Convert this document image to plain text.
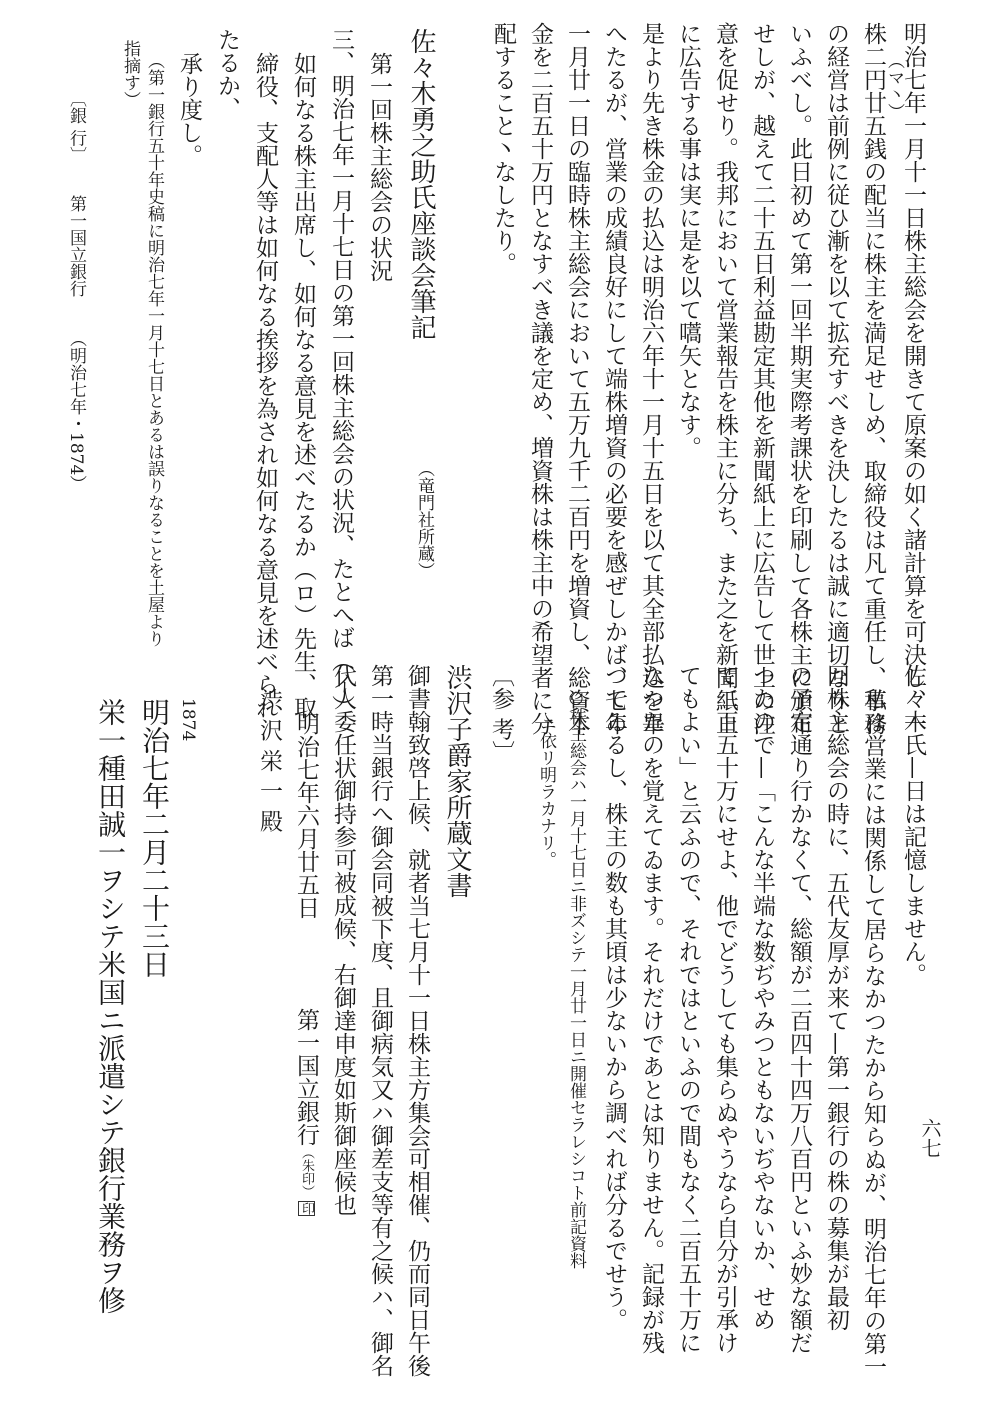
明治七年一月十一日株主総会を開きて原案の如く諸計算を可決し、一
（マ丶）
株二円廿五銭の配当に株主を満足せしめ、取締役は凡て重任し、事務
の経営は前例に従ひ漸を以て拡充すべきを決したるは誠に適切なりと
いふべし。此日初めて第一回半期実際考課状を印刷して各株主に頒布
せしが、越えて二十五日利益勘定其他を新聞紙上に広告して世上の注
意を促せり。我邦において営業報告を株主に分ち、また之を新聞紙上
に広告する事は実に是を以て嚆矢となす。
是より先き株金の払込は明治六年十一月十五日を以て其全部払込を畢
へたるが、営業の成績良好にして端株増資の必要を感ぜしかば、七年
一月廿一日の臨時株主総会において五万九千二百円を増資し、総資本
金を二百五十万円となすべき議を定め、増資株は株主中の希望者に分
配すること丶なしたり。
（竜門社所蔵）
佐々木勇之助氏座談会筆記
第一回株主総会の状況
三、明治七年一月十七日の第一回株主総会の状況、たとへば（イ）
如何なる株主出席し、如何なる意見を述べたるか（ロ）先生、取
締役、支配人等は如何なる挨拶を為され如何なる意見を述べられ
たるか、
承り度し。
（第一銀行五十年史稿に明治七年一月十七日とあるは誤りなることを土屋より
指摘す）
〔銀 行〕
第一国立銀行
（明治七年・1874）
佐々木氏—日は記憶しません。
私は営業には関係して居らなかつたから知らぬが、明治七年の第一
回株主総会の時に、五代友厚が来て—第一銀行の株の募集が最初
の予定通り行かなくて、総額が二百四十四万八百円といふ妙な額だ
つたので—「こんな半端な数ぢやみつともないぢやないか、せめ
て二百五十万にせよ、他でどうしても集らぬやうなら自分が引承け
てもよい」と云ふので、それではといふので間もなく二百五十万に
なつたのを覚えてゐます。それだけであとは知りません。記録が残
つてゐるし、株主の数も其頃は少ないから調べれば分るでせう。
○株主総会ハ一月十七日ニ非ズシテ一月廿一日ニ開催セラレシコト前記資料
ニ依リ明ラカナリ。
〔参 考〕
渋沢子爵家所蔵文書
御書翰致啓上候、就者当七月十一日株主方集会可相催、仍而同日午後
第一時当銀行へ御会同被下度、且御病気又ハ御差支等有之候ハ、御名
代人委任状御持参可被成候、右御達申度如斯御座候也
明治七年六月廿五日
第一国立銀行（朱印）印
渋 沢 栄 一 殿
1874
明治七年二月二十三日
栄一種田誠一ヲシテ米国ニ派遣シテ銀行業務ヲ修	六七
